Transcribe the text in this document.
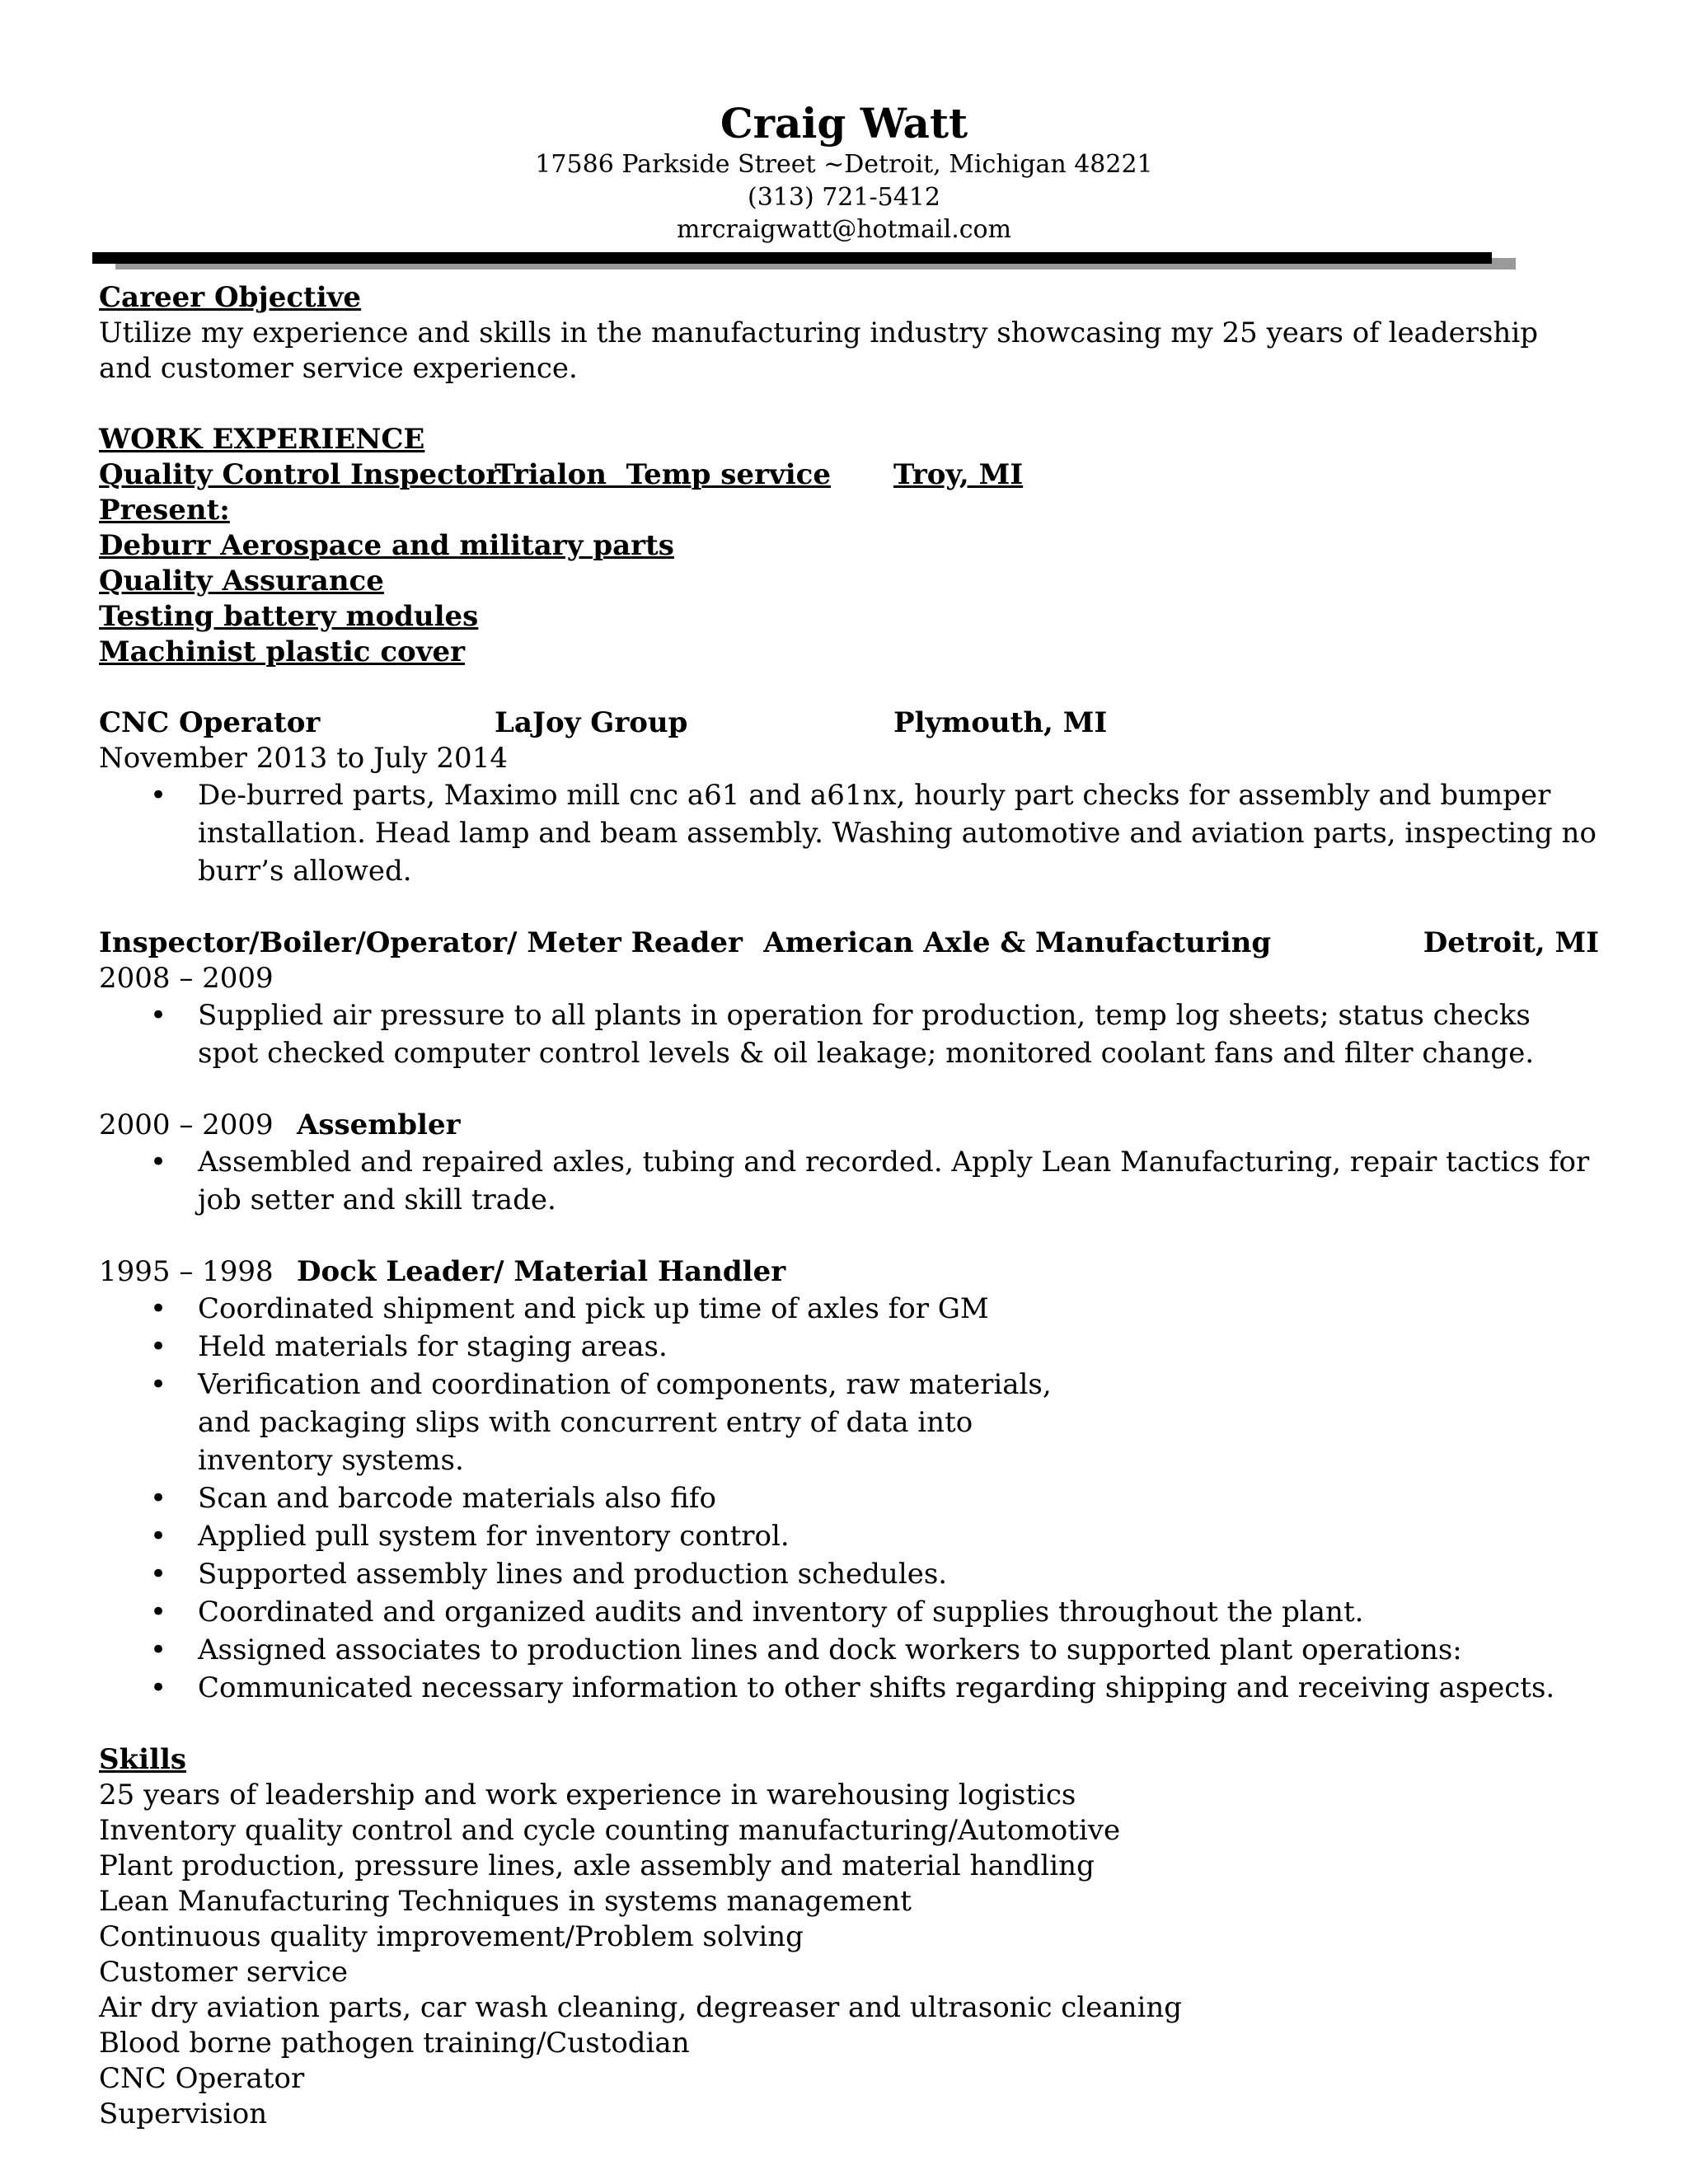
Craig Watt
17586 Parkside Street ~Detroit, Michigan 48221
(313) 721-5412
mrcraigwatt@hotmail.com

Career Objective

Utilize my experience and skills in the manufacturing industry showcasing my 25 years of leadership and customer service experience.

WORK EXPERIENCE

Quality Control Inspector
Trialon  Temp service	Troy, MI

Present:

Deburr Aerospace and military parts

Quality Assurance

Testing battery modules

Machinist plastic cover

CNC Operator	LaJoy Group	Plymouth, MI

November 2013 to July 2014

• De-burred parts, Maximo mill cnc a61 and a61nx, hourly part checks for assembly and bumper installation. Head lamp and beam assembly. Washing automotive and aviation parts, inspecting no burr’s allowed.
Inspector/Boiler/Operator/ Meter Reader American Axle & Manufacturing	Detroit, MI

2008 – 2009

• Supplied air pressure to all plants in operation for production, temp log sheets; status checks spot checked computer control levels & oil leakage; monitored coolant fans and filter change.

2000 – 2009 Assembler

• Assembled and repaired axles, tubing and recorded. Apply Lean Manufacturing, repair tactics for job setter and skill trade.

1995 – 1998 Dock Leader/ Material Handler

• Coordinated shipment and pick up time of axles for GM
• Held materials for staging areas.
• Verification and coordination of components, raw materials, and packaging slips with concurrent entry of data into inventory systems.
• Scan and barcode materials also fifo
• Applied pull system for inventory control.
• Supported assembly lines and production schedules.
• Coordinated and organized audits and inventory of supplies throughout the plant.
• Assigned associates to production lines and dock workers to supported plant operations:
• Communicated necessary information to other shifts regarding shipping and receiving aspects.

Skills

25 years of leadership and work experience in warehousing logistics

Inventory quality control and cycle counting manufacturing/Automotive

Plant production, pressure lines, axle assembly and material handling

Lean Manufacturing Techniques in systems management

Continuous quality improvement/Problem solving

Customer service

Air dry aviation parts, car wash cleaning, degreaser and ultrasonic cleaning

Blood borne pathogen training/Custodian

CNC Operator

Supervision
